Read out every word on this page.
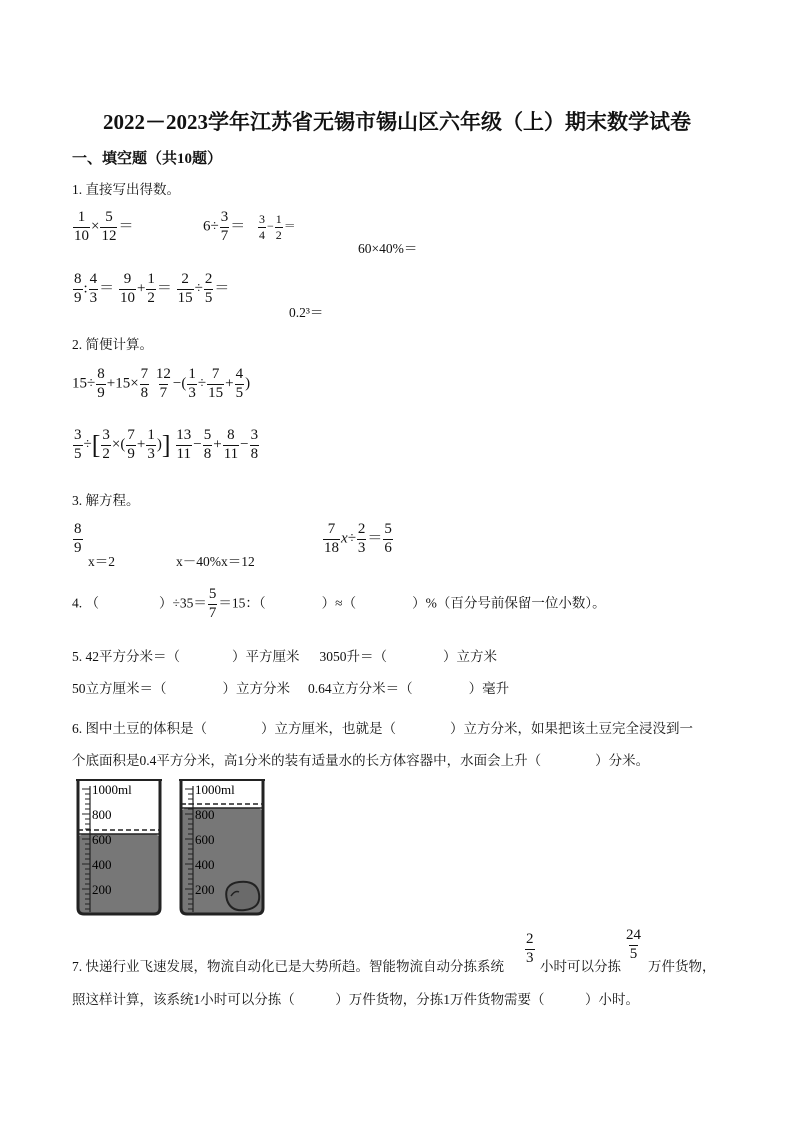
2022－2023学年江苏省无锡市锡山区六年级（上）期末数学试卷
一、填空题（共10题）
1. 直接写出得数。
$\frac{1}{10} \times \frac{5}{12}$ ＝	$6\div \frac{3}{7} = \frac{3}{4} - \frac{1}{2}$ ＝
60×40%＝
$\frac{8}{9}$ : $\frac{4}{3} = \frac{9}{10} + \frac{1}{2} = \frac{2}{15} \div \frac{2}{5}$ ＝
0.2³＝
2. 简便计算。
$15\div \frac{8}{9} +15\times \frac{7}{8}$
$\frac{12}{7}$ −( $\frac{1}{3} \div \frac{7}{15} + \frac{4}{5}$ )
$\frac{3}{5}$ ÷[ $\frac{3}{2}$ ×( $\frac{7}{9} + \frac{1}{3}$ )] $\frac{13}{11} - \frac{5}{8} + \frac{8}{11} - \frac{3}{8}$
3. 解方程。
$\frac{8}{9}$
x＝2	x－40%x＝12
$\frac{7}{18} x\div \frac{2}{3} = \frac{5}{6}$
4. （	）$\div 35= \frac{5}{7} =15$：（	）≈（	）%（百分号前保留一位小数）。
5. 42平方分米＝（	）平方厘米 3050升＝（	）立方米
50立方厘米＝（	）立方分米 0.64立方分米＝（	）毫升
6. 图中土豆的体积是（　　　　）立方厘米，也就是（　　　　）立方分米，如果把该土豆完全浸没到一
个底面积是0.4平方分米，高1分米的装有适量水的长方体容器中，水面会上升（　　　　）分米。
1000ml
800
600
400
200
1000ml
800
600
400
200
7. 快递行业飞速发展，物流自动化已是大势所趋。智能物流自动分拣系统 $\frac{2}{3}$ 小时可以分拣
$\frac{24}{5}$
万件货物，
照这样计算，该系统1小时可以分拣（　　　）万件货物，分拣1万件货物需要（　　　）小时。
